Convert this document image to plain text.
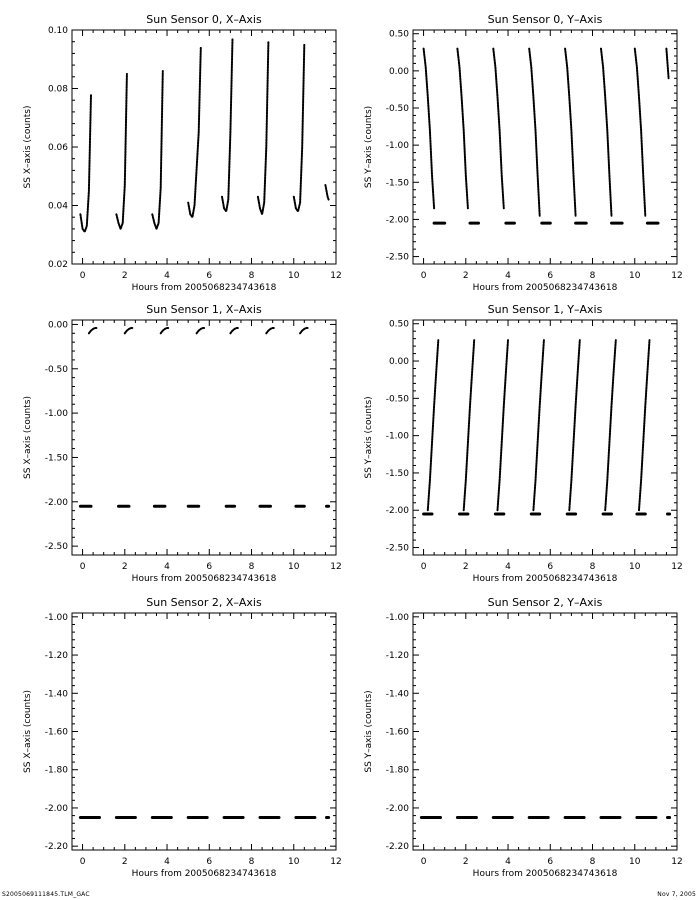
Sun Sensor 0, X–Axis
Hours from 2005068234743618
SS X–axis (counts)
0	2	4	6	8	10	12
0.02
0.04
0.06
0.08
0.10
Sun Sensor 0, Y–Axis
Hours from 2005068234743618
SS Y–axis (counts)
0	2	4	6	8	10	12
-2.50
-2.00
-1.50
-1.00
-0.50
0.00
0.50
Sun Sensor 1, X–Axis
Hours from 2005068234743618
SS X–axis (counts)
0	2	4	6	8	10	12
-2.50
-2.00
-1.50
-1.00
-0.50
0.00
Sun Sensor 1, Y–Axis
Hours from 2005068234743618
SS Y–axis (counts)
0	2	4	6	8	10	12
-2.50
-2.00
-1.50
-1.00
-0.50
0.00
0.50
Sun Sensor 2, X–Axis
Hours from 2005068234743618
SS X–axis (counts)
0	2	4	6	8	10	12
-2.20
-2.00
-1.80
-1.60
-1.40
-1.20
-1.00
Sun Sensor 2, Y–Axis
Hours from 2005068234743618
SS Y–axis (counts)
0	2	4	6	8	10	12
-2.20
-2.00
-1.80
-1.60
-1.40
-1.20
-1.00
S2005069111845.TLM_GAC	Nov 7, 2005
